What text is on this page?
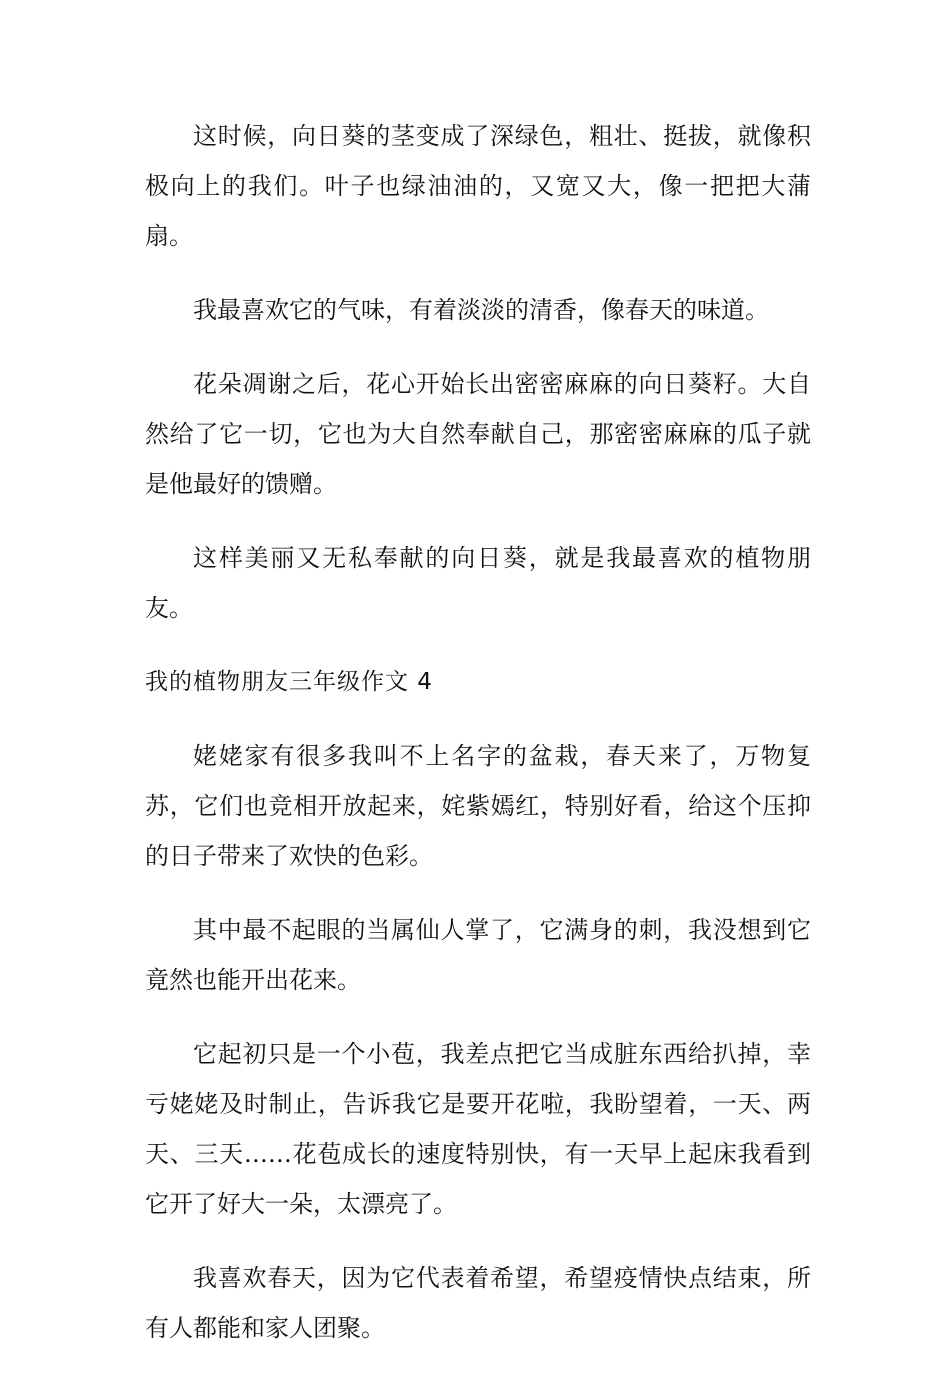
这时候，向日葵的茎变成了深绿色，粗壮、挺拔，就像积极向上的我们。叶子也绿油油的，又宽又大，像一把把大蒲扇。

我最喜欢它的气味，有着淡淡的清香，像春天的味道。

花朵凋谢之后，花心开始长出密密麻麻的向日葵籽。大自然给了它一切，它也为大自然奉献自己，那密密麻麻的瓜子就是他最好的馈赠。

这样美丽又无私奉献的向日葵，就是我最喜欢的植物朋友。

我的植物朋友三年级作文 4

姥姥家有很多我叫不上名字的盆栽，春天来了，万物复苏，它们也竞相开放起来，姹紫嫣红，特别好看，给这个压抑的日子带来了欢快的色彩。

其中最不起眼的当属仙人掌了，它满身的刺，我没想到它竟然也能开出花来。

它起初只是一个小苞，我差点把它当成脏东西给扒掉，幸亏姥姥及时制止，告诉我它是要开花啦，我盼望着，一天、两天、三天……花苞成长的速度特别快，有一天早上起床我看到它开了好大一朵，太漂亮了。

我喜欢春天，因为它代表着希望，希望疫情快点结束，所有人都能和家人团聚。
